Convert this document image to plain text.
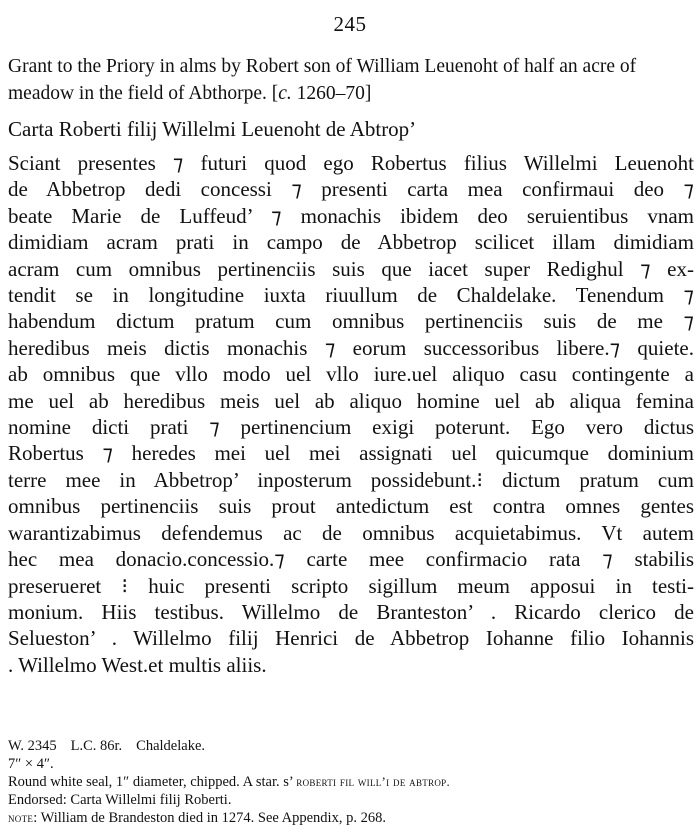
245
Grant to the Priory in alms by Robert son of William Leuenoht of half an acre of meadow in the field of Abthorpe. [c. 1260–70]
Carta Roberti filij Willelmi Leuenoht de Abtrop’
Sciant presentes ⁊ futuri quod ego Robertus filius Willelmi Leuenoht
de Abbetrop dedi concessi ⁊ presenti carta mea confirmaui deo ⁊
beate Marie de Luffeud’ ⁊ monachis ibidem deo seruientibus vnam
dimidiam acram prati in campo de Abbetrop scilicet illam dimidiam
acram cum omnibus pertinenciis suis que iacet super Redighul ⁊ ex-
tendit se in longitudine iuxta riuullum de Chaldelake. Tenendum ⁊
habendum dictum pratum cum omnibus pertinenciis suis de me ⁊
heredibus meis dictis monachis ⁊ eorum successoribus libere.⁊ quiete.
ab omnibus que vllo modo uel vllo iure.uel aliquo casu contingente a
me uel ab heredibus meis uel ab aliquo homine uel ab aliqua femina
nomine dicti prati ⁊ pertinencium exigi poterunt. Ego vero dictus
Robertus ⁊ heredes mei uel mei assignati uel quicumque dominium
terre mee in Abbetrop’ inposterum possidebunt.⁝ dictum pratum cum
omnibus pertinenciis suis prout antedictum est contra omnes gentes
warantizabimus defendemus ac de omnibus acquietabimus. Vt autem
hec mea donacio.concessio.⁊ carte mee confirmacio rata ⁊ stabilis
preserueret ⁝ huic presenti scripto sigillum meum apposui in testi-
monium. Hiis testibus. Willelmo de Branteston’ . Ricardo clerico de
Selueston’ . Willelmo filij Henrici de Abbetrop Iohanne filio Iohannis
. Willelmo West.et multis aliis.
W. 2345 L.C. 86r. Chaldelake.
7″ × 4″.
Round white seal, 1″ diameter, chipped. A star. s’ roberti fil will’i de abtrop.
Endorsed: Carta Willelmi filij Roberti.
note: William de Brandeston died in 1274. See Appendix, p. 268.
